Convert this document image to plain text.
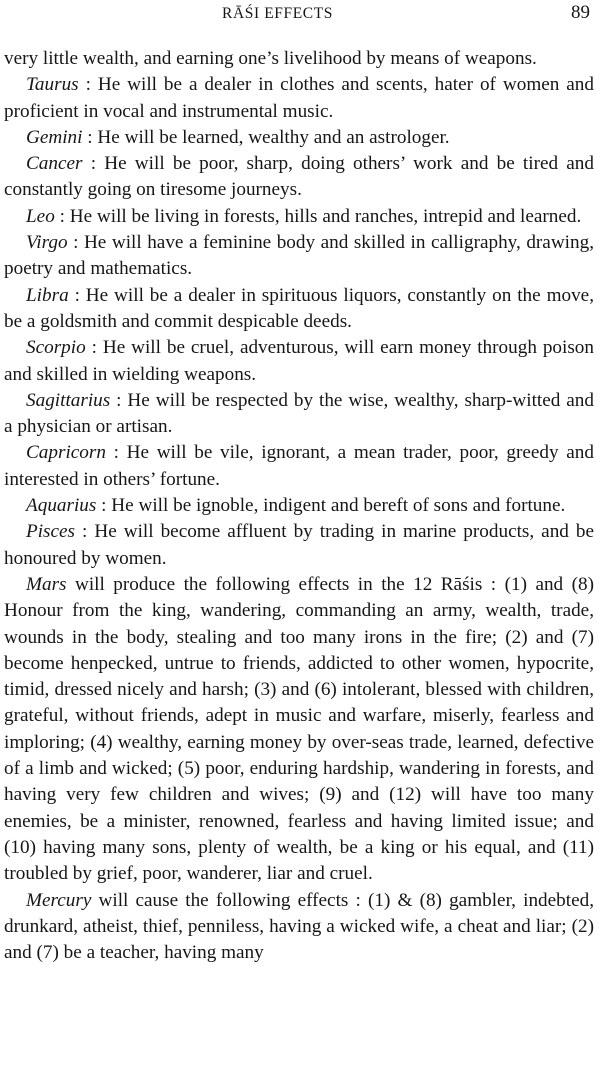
RĀŚI EFFECTS	89

very little wealth, and earning one’s livelihood by means of weapons.

Taurus : He will be a dealer in clothes and scents, hater of women and proficient in vocal and instrumental music.

Gemini : He will be learned, wealthy and an astrologer.

Cancer : He will be poor, sharp, doing others’ work and be tired and constantly going on tiresome journeys.

Leo : He will be living in forests, hills and ranches, intrepid and learned.

Virgo : He will have a feminine body and skilled in calligraphy, drawing, poetry and mathematics.

Libra : He will be a dealer in spirituous liquors, constantly on the move, be a goldsmith and commit despicable deeds.

Scorpio : He will be cruel, adventurous, will earn money through poison and skilled in wielding weapons.

Sagittarius : He will be respected by the wise, wealthy, sharp-witted and a physician or artisan.

Capricorn : He will be vile, ignorant, a mean trader, poor, greedy and interested in others’ fortune.

Aquarius : He will be ignoble, indigent and bereft of sons and fortune.

Pisces : He will become affluent by trading in marine products, and be honoured by women.

Mars will produce the following effects in the 12 Rāśis : (1) and (8) Honour from the king, wandering, commanding an army, wealth, trade, wounds in the body, stealing and too many irons in the fire; (2) and (7) become henpecked, untrue to friends, addicted to other women, hypocrite, timid, dressed nicely and harsh; (3) and (6) intolerant, blessed with children, grateful, without friends, adept in music and warfare, miserly, fearless and imploring; (4) wealthy, earning money by over-seas trade, learned, defective of a limb and wicked; (5) poor, enduring hardship, wandering in forests, and having very few children and wives; (9) and (12) will have too many enemies, be a minister, renowned, fearless and having limited issue; and (10) having many sons, plenty of wealth, be a king or his equal, and (11) troubled by grief, poor, wanderer, liar and cruel.

Mercury will cause the following effects : (1) & (8) gambler, indebted, drunkard, atheist, thief, penniless, having a wicked wife, a cheat and liar; (2) and (7) be a teacher, having many
